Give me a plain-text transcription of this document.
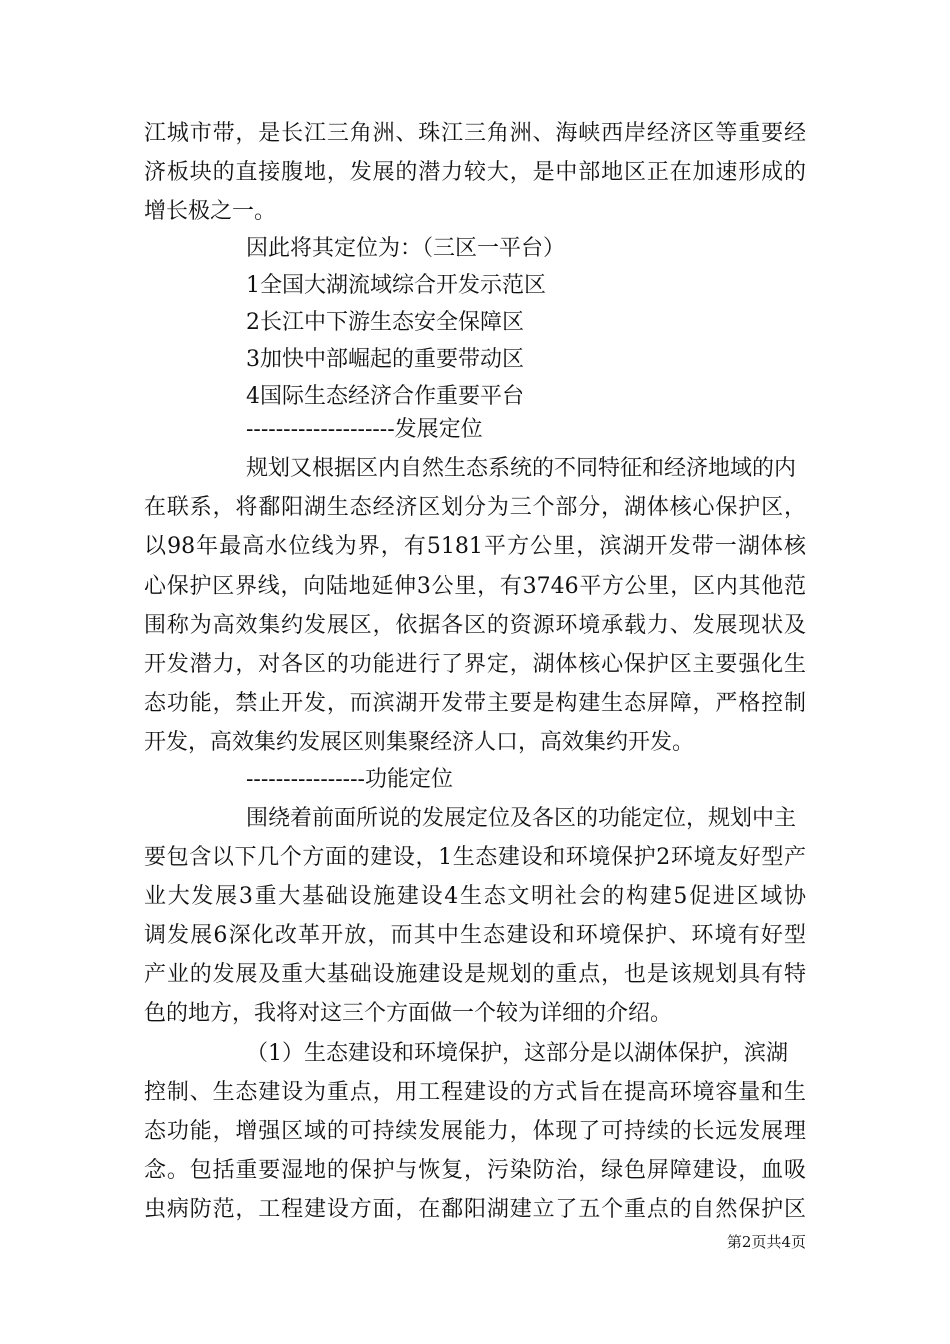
江城市带，是长江三角洲、珠江三角洲、海峡西岸经济区等重要经
济板块的直接腹地，发展的潜力较大，是中部地区正在加速形成的
增长极之一。
因此将其定位为：（三区一平台）
1全国大湖流域综合开发示范区
2长江中下游生态安全保障区
3加快中部崛起的重要带动区
4国际生态经济合作重要平台
--------------------发展定位
规划又根据区内自然生态系统的不同特征和经济地域的内
在联系，将鄱阳湖生态经济区划分为三个部分，湖体核心保护区，
以98年最高水位线为界，有5181平方公里，滨湖开发带一湖体核
心保护区界线，向陆地延伸3公里，有3746平方公里，区内其他范
围称为高效集约发展区，依据各区的资源环境承载力、发展现状及
开发潜力，对各区的功能进行了界定，湖体核心保护区主要强化生
态功能，禁止开发，而滨湖开发带主要是构建生态屏障，严格控制
开发，高效集约发展区则集聚经济人口，高效集约开发。
----------------功能定位
围绕着前面所说的发展定位及各区的功能定位，规划中主
要包含以下几个方面的建设，1生态建设和环境保护2环境友好型产
业大发展3重大基础设施建设4生态文明社会的构建5促进区域协
调发展6深化改革开放，而其中生态建设和环境保护、环境有好型
产业的发展及重大基础设施建设是规划的重点，也是该规划具有特
色的地方，我将对这三个方面做一个较为详细的介绍。
（1）生态建设和环境保护，这部分是以湖体保护，滨湖
控制、生态建设为重点，用工程建设的方式旨在提高环境容量和生
态功能，增强区域的可持续发展能力，体现了可持续的长远发展理
念。包括重要湿地的保护与恢复，污染防治，绿色屏障建设，血吸
虫病防范，工程建设方面，在鄱阳湖建立了五个重点的自然保护区
第2页共4页
